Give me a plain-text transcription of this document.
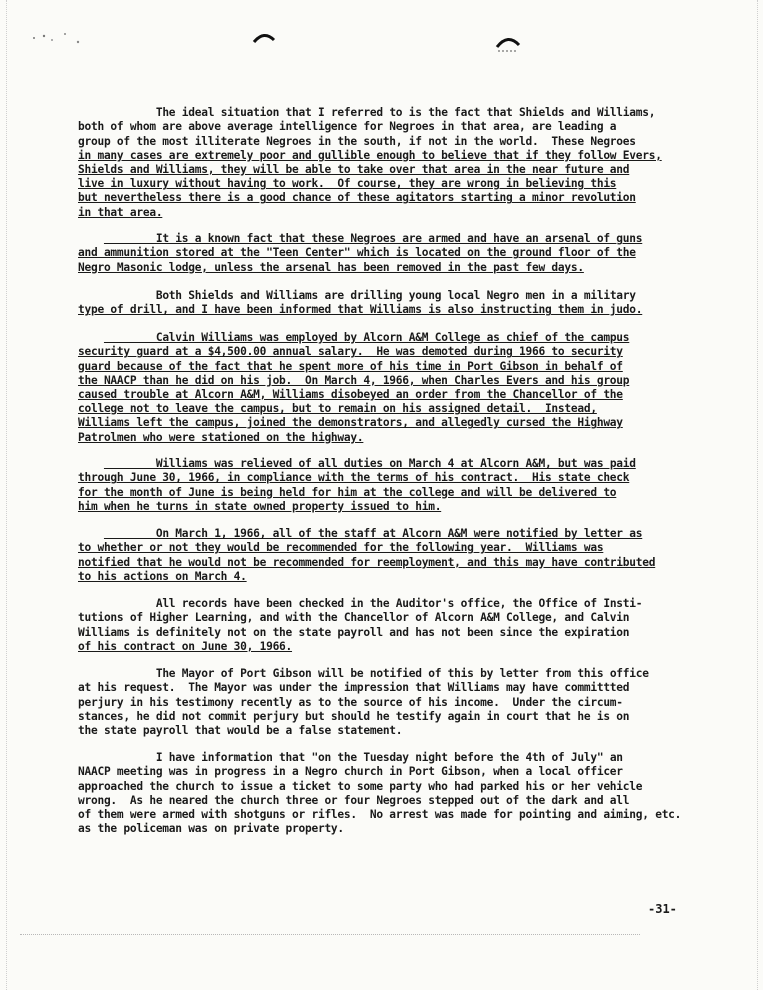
The ideal situation that I referred to is the fact that Shields and Williams,
both of whom are above average intelligence for Negroes in that area, are leading a
group of the most illiterate Negroes in the south, if not in the world.  These Negroes
in many cases are extremely poor and gullible enough to believe that if they follow Evers,
Shields and Williams, they will be able to take over that area in the near future and
live in luxury without having to work.  Of course, they are wrong in believing this
but nevertheless there is a good chance of these agitators starting a minor revolution
in that area.

It is a known fact that these Negroes are armed and have an arsenal of guns
and ammunition stored at the "Teen Center" which is located on the ground floor of the
Negro Masonic lodge, unless the arsenal has been removed in the past few days.

Both Shields and Williams are drilling young local Negro men in a military
type of drill, and I have been informed that Williams is also instructing them in judo.

Calvin Williams was employed by Alcorn A&M College as chief of the campus
security guard at a $4,500.00 annual salary.  He was demoted during 1966 to security
guard because of the fact that he spent more of his time in Port Gibson in behalf of
the NAACP than he did on his job.  On March 4, 1966, when Charles Evers and his group
caused trouble at Alcorn A&M, Williams disobeyed an order from the Chancellor of the
college not to leave the campus, but to remain on his assigned detail.  Instead,
Williams left the campus, joined the demonstrators, and allegedly cursed the Highway
Patrolmen who were stationed on the highway.

Williams was relieved of all duties on March 4 at Alcorn A&M, but was paid
through June 30, 1966, in compliance with the terms of his contract.  His state check
for the month of June is being held for him at the college and will be delivered to
him when he turns in state owned property issued to him.

On March 1, 1966, all of the staff at Alcorn A&M were notified by letter as
to whether or not they would be recommended for the following year.  Williams was
notified that he would not be recommended for reemployment, and this may have contributed
to his actions on March 4.

All records have been checked in the Auditor's office, the Office of Insti-
tutions of Higher Learning, and with the Chancellor of Alcorn A&M College, and Calvin
Williams is definitely not on the state payroll and has not been since the expiration
of his contract on June 30, 1966.

The Mayor of Port Gibson will be notified of this by letter from this office
at his request.  The Mayor was under the impression that Williams may have committted
perjury in his testimony recently as to the source of his income.  Under the circum-
stances, he did not commit perjury but should he testify again in court that he is on
the state payroll that would be a false statement.

I have information that "on the Tuesday night before the 4th of July" an
NAACP meeting was in progress in a Negro church in Port Gibson, when a local officer
approached the church to issue a ticket to some party who had parked his or her vehicle
wrong.  As he neared the church three or four Negroes stepped out of the dark and all
of them were armed with shotguns or rifles.  No arrest was made for pointing and aiming, etc.
as the policeman was on private property.

-31-
